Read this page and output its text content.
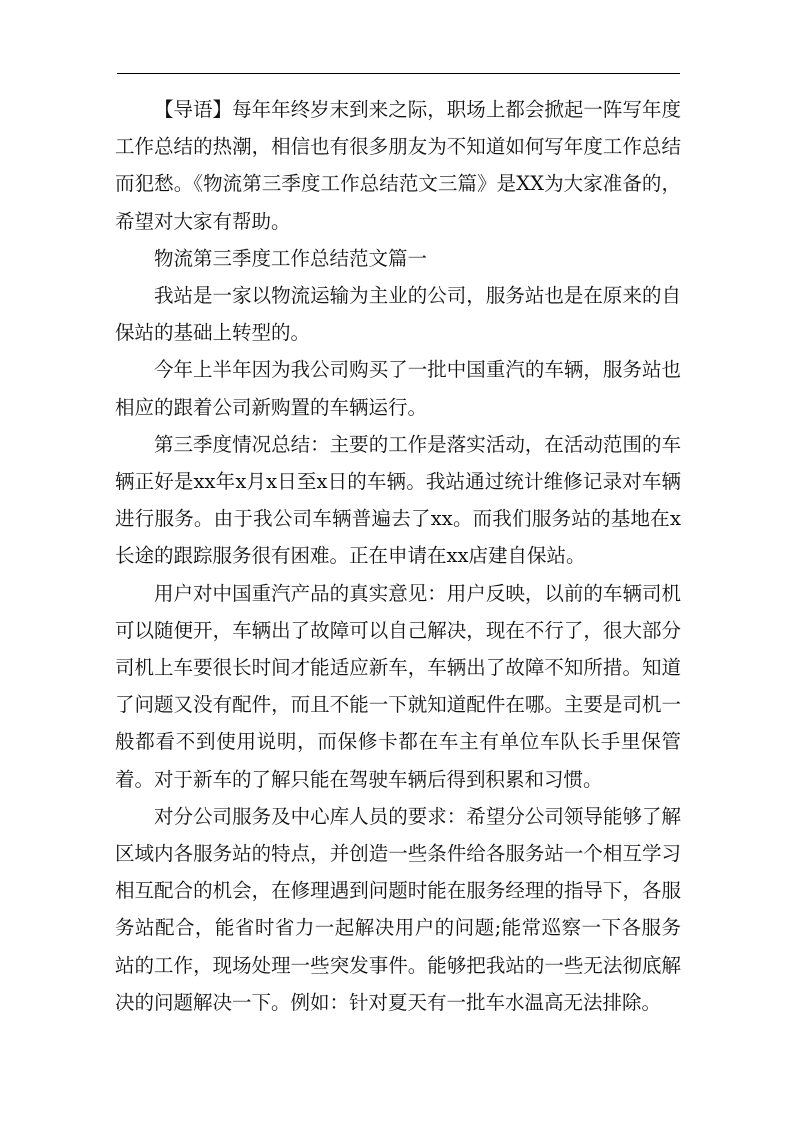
【导语】每年年终岁末到来之际，职场上都会掀起一阵写年度工作总结的热潮，相信也有很多朋友为不知道如何写年度工作总结而犯愁。《物流第三季度工作总结范文三篇》是XX为大家准备的，希望对大家有帮助。

物流第三季度工作总结范文篇一

我站是一家以物流运输为主业的公司，服务站也是在原来的自保站的基础上转型的。

今年上半年因为我公司购买了一批中国重汽的车辆，服务站也相应的跟着公司新购置的车辆运行。

第三季度情况总结：主要的工作是落实活动，在活动范围的车辆正好是xx年x月x日至x日的车辆。我站通过统计维修记录对车辆进行服务。由于我公司车辆普遍去了xx。而我们服务站的基地在x长途的跟踪服务很有困难。正在申请在xx店建自保站。

用户对中国重汽产品的真实意见：用户反映，以前的车辆司机可以随便开，车辆出了故障可以自己解决，现在不行了，很大部分司机上车要很长时间才能适应新车，车辆出了故障不知所措。知道了问题又没有配件，而且不能一下就知道配件在哪。主要是司机一般都看不到使用说明，而保修卡都在车主有单位车队长手里保管着。对于新车的了解只能在驾驶车辆后得到积累和习惯。

对分公司服务及中心库人员的要求：希望分公司领导能够了解区域内各服务站的特点，并创造一些条件给各服务站一个相互学习相互配合的机会，在修理遇到问题时能在服务经理的指导下，各服务站配合，能省时省力一起解决用户的问题;能常巡察一下各服务站的工作，现场处理一些突发事件。能够把我站的一些无法彻底解决的问题解决一下。例如：针对夏天有一批车水温高无法排除。
